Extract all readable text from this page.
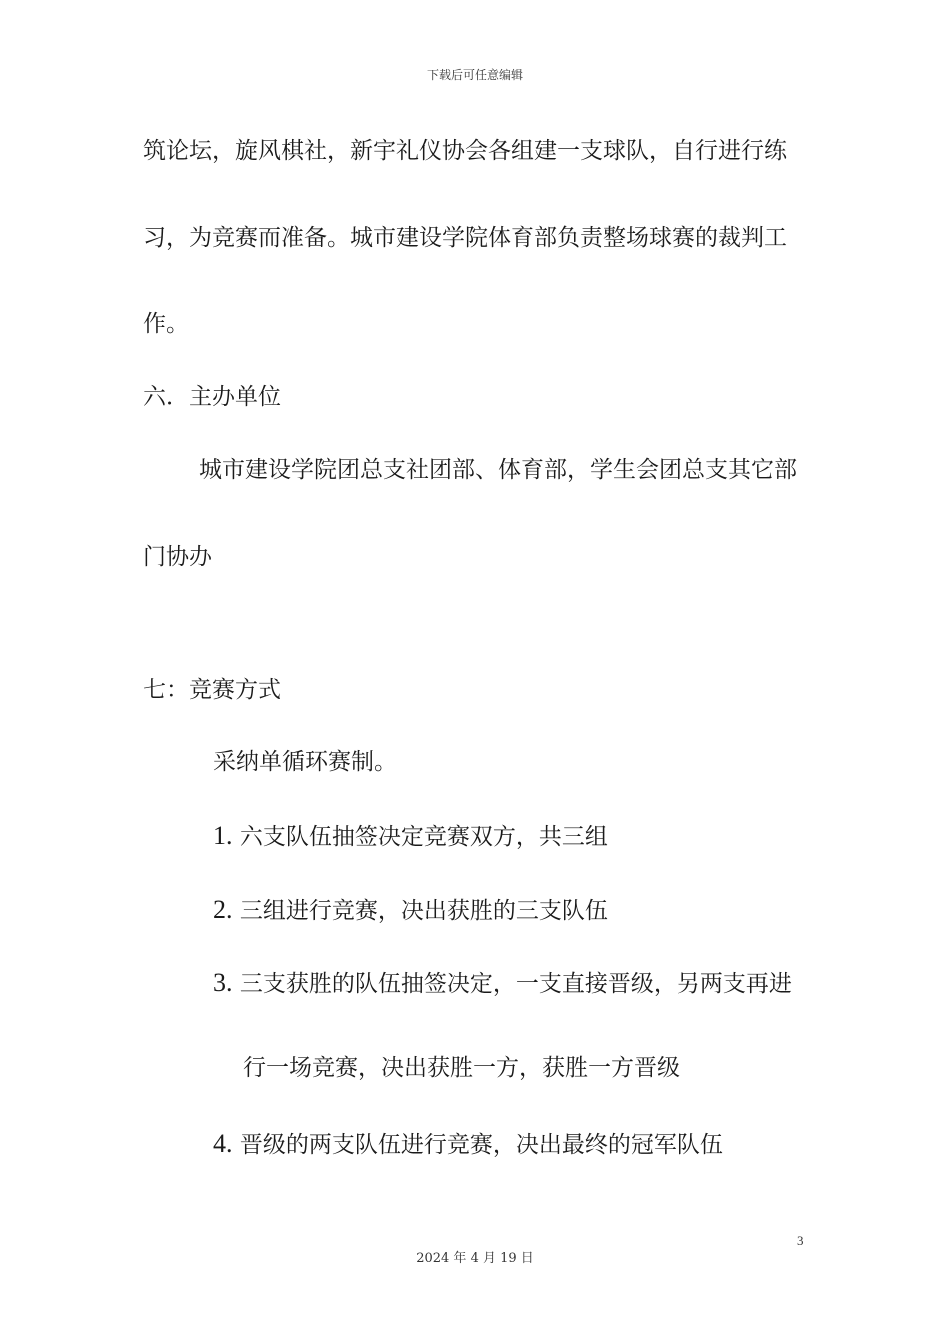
下载后可任意编辑
筑论坛，旋风棋社，新宇礼仪协会各组建一支球队，自行进行练
习，为竞赛而准备。城市建设学院体育部负责整场球赛的裁判工
作。
六．主办单位
城市建设学院团总支社团部、体育部，学生会团总支其它部
门协办
七：竞赛方式
采纳单循环赛制。
1. 六支队伍抽签决定竞赛双方，共三组
2. 三组进行竞赛，决出获胜的三支队伍
3. 三支获胜的队伍抽签决定，一支直接晋级，另两支再进
行一场竞赛，决出获胜一方，获胜一方晋级
4. 晋级的两支队伍进行竞赛，决出最终的冠军队伍
3
2024 年 4 月 19 日
